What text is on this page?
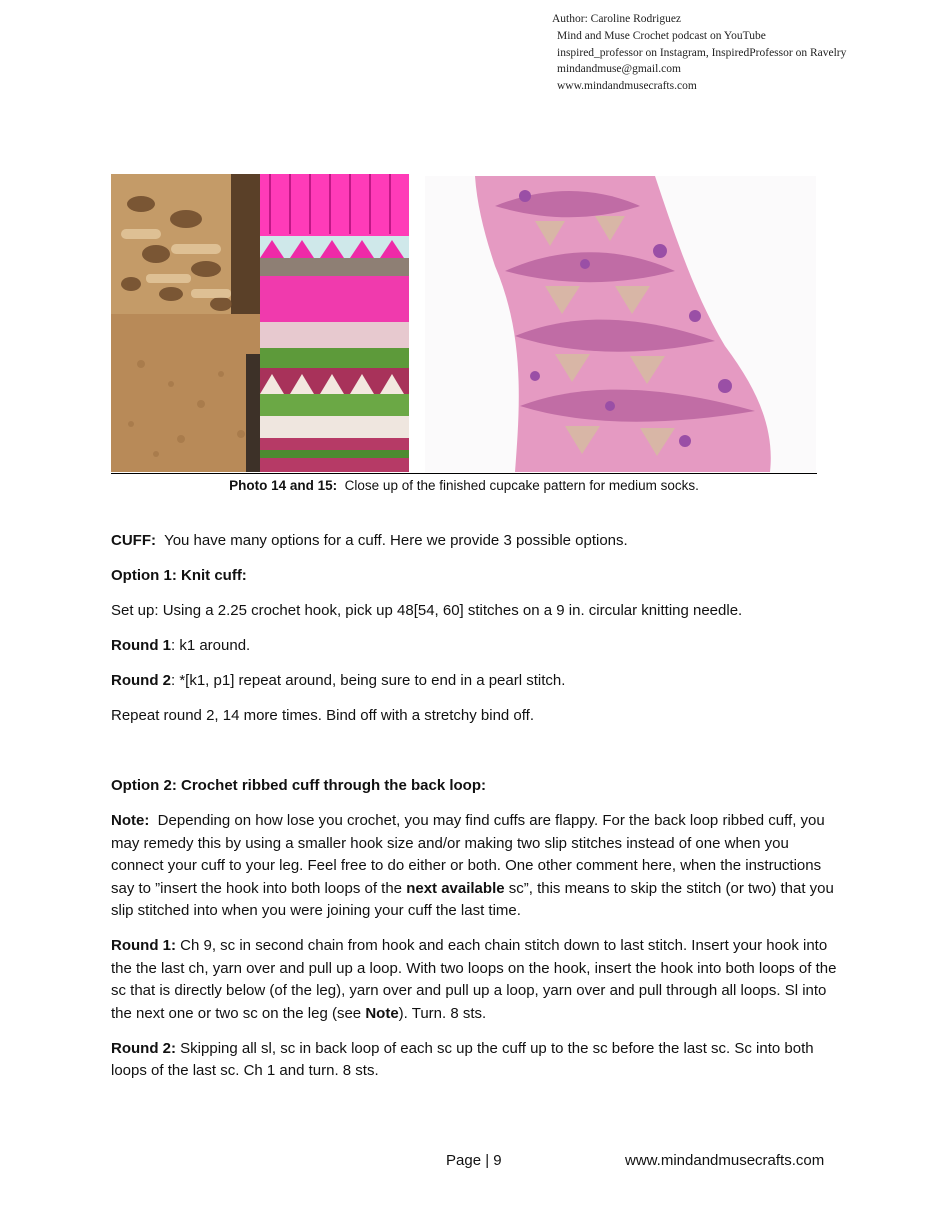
Author: Caroline Rodriguez
Mind and Muse Crochet podcast on YouTube
inspired_professor on Instagram, InspiredProfessor on Ravelry
mindandmuse@gmail.com
www.mindandmusecrafts.com
Photo 14 and 15: Close up of the finished cupcake pattern for medium socks.

CUFF: You have many options for a cuff. Here we provide 3 possible options.

Option 1: Knit cuff:

Set up: Using a 2.25 crochet hook, pick up 48[54, 60] stitches on a 9 in. circular knitting needle.

Round 1: k1 around.

Round 2: *[k1, p1] repeat around, being sure to end in a pearl stitch.

Repeat round 2, 14 more times. Bind off with a stretchy bind off.

Option 2: Crochet ribbed cuff through the back loop:

Note: Depending on how lose you crochet, you may find cuffs are flappy. For the back loop ribbed cuff, you may remedy this by using a smaller hook size and/or making two slip stitches instead of one when you connect your cuff to your leg. Feel free to do either or both. One other comment here, when the instructions say to ”insert the hook into both loops of the next available sc”, this means to skip the stitch (or two) that you slip stitched into when you were joining your cuff the last time.

Round 1: Ch 9, sc in second chain from hook and each chain stitch down to last stitch. Insert your hook into the the last ch, yarn over and pull up a loop. With two loops on the hook, insert the hook into both loops of the sc that is directly below (of the leg), yarn over and pull up a loop, yarn over and pull through all loops. Sl into the next one or two sc on the leg (see Note). Turn. 8 sts.

Round 2: Skipping all sl, sc in back loop of each sc up the cuff up to the sc before the last sc. Sc into both loops of the last sc. Ch 1 and turn. 8 sts.

Page | 9	www.mindandmusecrafts.com
